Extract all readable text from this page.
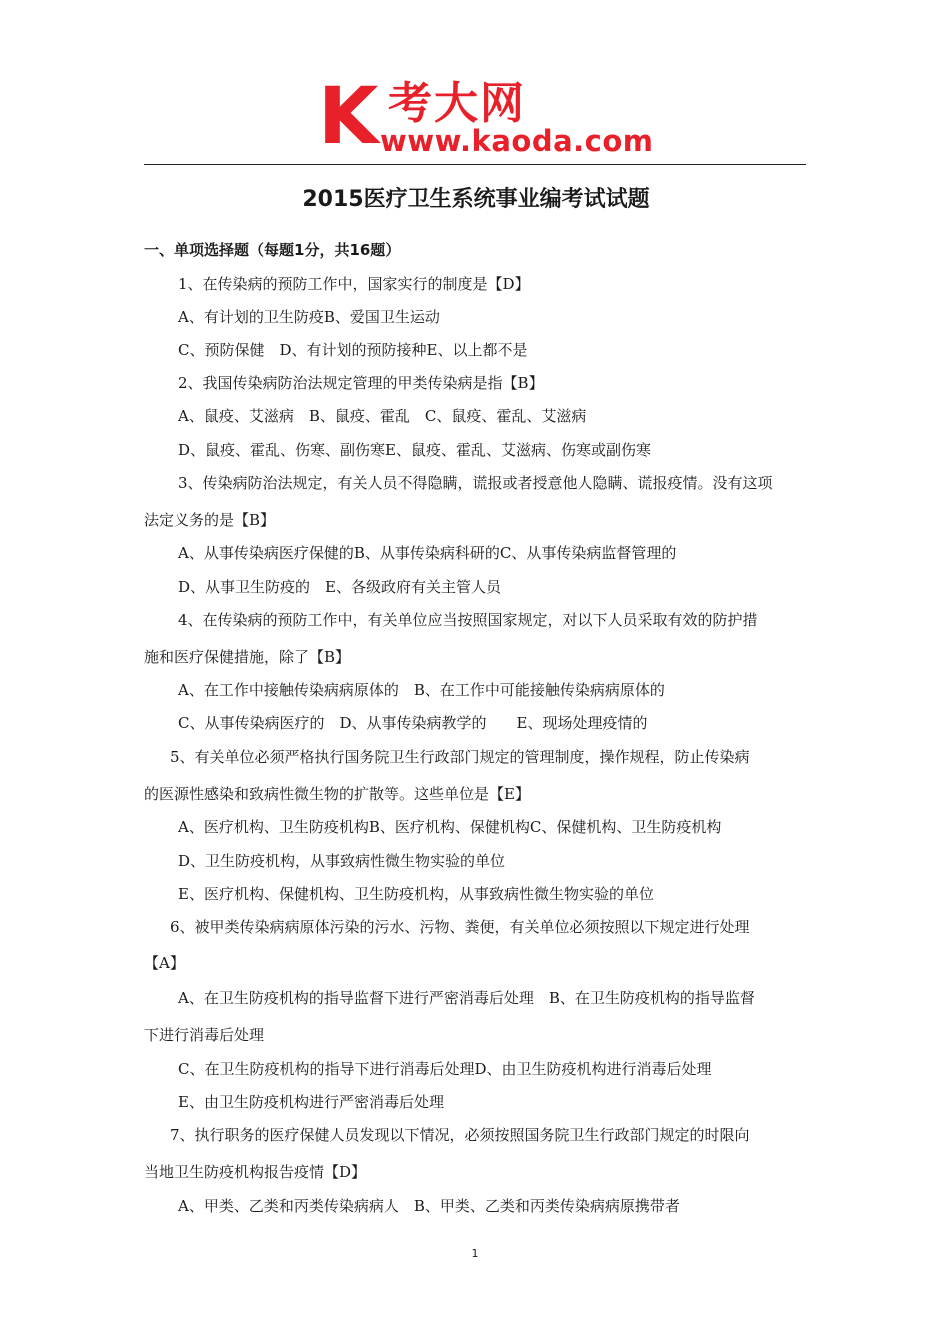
K 考大网
www.kaoda.com
2015医疗卫生系统事业编考试试题
一、单项选择题（每题1分，共16题）
1、在传染病的预防工作中，国家实行的制度是【D】
A、有计划的卫生防疫B、爱国卫生运动
C、预防保健　D、有计划的预防接种E、以上都不是
2、我国传染病防治法规定管理的甲类传染病是指【B】
A、鼠疫、艾滋病　B、鼠疫、霍乱　C、鼠疫、霍乱、艾滋病
D、鼠疫、霍乱、伤寒、副伤寒E、鼠疫、霍乱、艾滋病、伤寒或副伤寒
3、传染病防治法规定，有关人员不得隐瞒，谎报或者授意他人隐瞒、谎报疫情。没有这项
法定义务的是【B】
A、从事传染病医疗保健的B、从事传染病科研的C、从事传染病监督管理的
D、从事卫生防疫的　E、各级政府有关主管人员
4、在传染病的预防工作中，有关单位应当按照国家规定，对以下人员采取有效的防护措
施和医疗保健措施，除了【B】
A、在工作中接触传染病病原体的　B、在工作中可能接触传染病病原体的
C、从事传染病医疗的　D、从事传染病教学的　　E、现场处理疫情的
5、有关单位必须严格执行国务院卫生行政部门规定的管理制度，操作规程，防止传染病
的医源性感染和致病性微生物的扩散等。这些单位是【E】
A、医疗机构、卫生防疫机构B、医疗机构、保健机构C、保健机构、卫生防疫机构
D、卫生防疫机构，从事致病性微生物实验的单位
E、医疗机构、保健机构、卫生防疫机构，从事致病性微生物实验的单位
6、被甲类传染病病原体污染的污水、污物、粪便，有关单位必须按照以下规定进行处理
【A】
A、在卫生防疫机构的指导监督下进行严密消毒后处理　B、在卫生防疫机构的指导监督
下进行消毒后处理
C、在卫生防疫机构的指导下进行消毒后处理D、由卫生防疫机构进行消毒后处理
E、由卫生防疫机构进行严密消毒后处理
7、执行职务的医疗保健人员发现以下情况，必须按照国务院卫生行政部门规定的时限向
当地卫生防疫机构报告疫情【D】
A、甲类、乙类和丙类传染病病人　B、甲类、乙类和丙类传染病病原携带者
1
